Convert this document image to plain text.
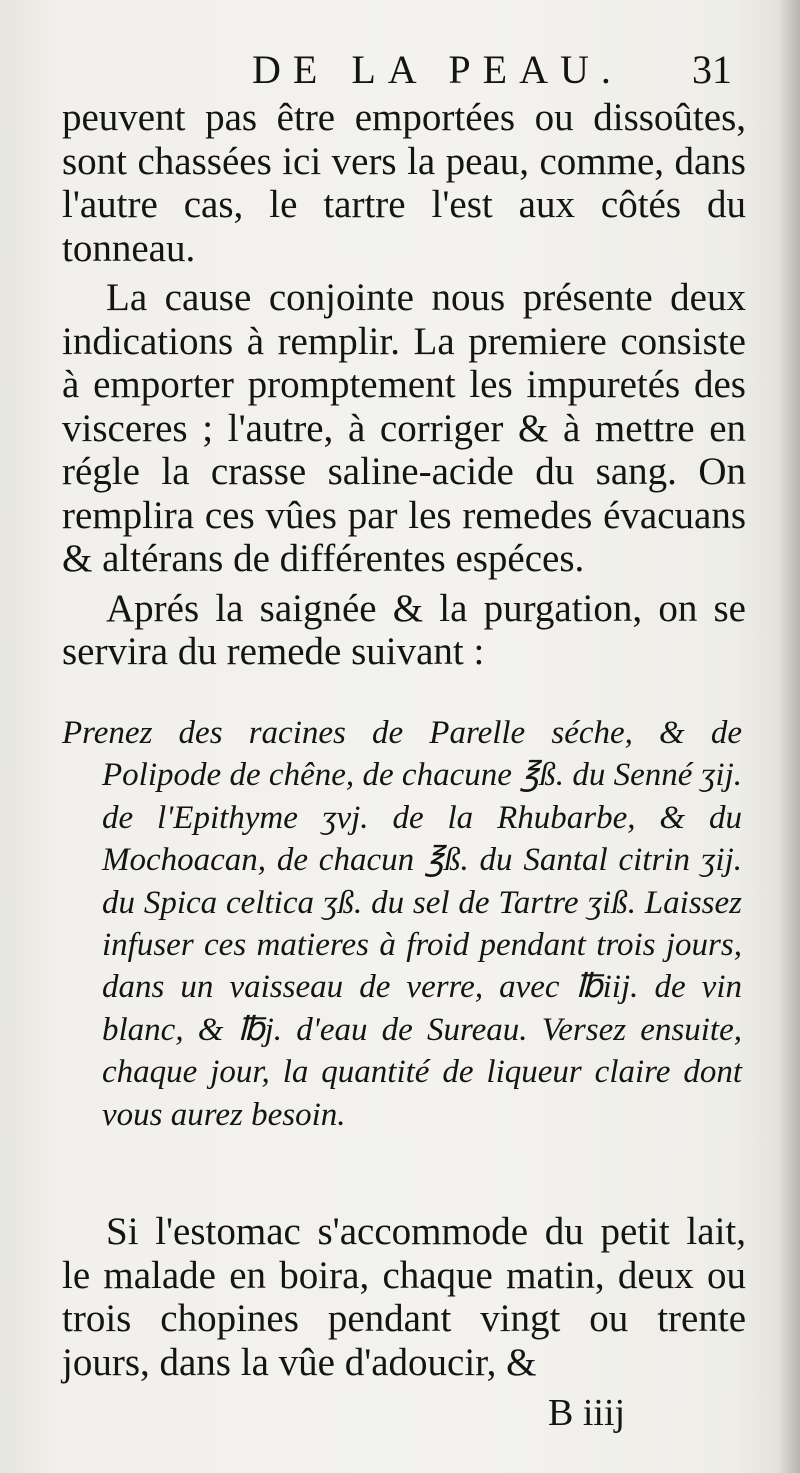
DE LA PEAU. 31

peuvent pas être emportées ou dissoûtes, sont chassées ici vers la peau, comme, dans l'autre cas, le tartre l'est aux côtés du tonneau.

La cause conjointe nous présente deux indications à remplir. La premiere consiste à emporter promptement les impuretés des visceres ; l'autre, à corriger & à mettre en régle la crasse saline-acide du sang. On remplira ces vûes par les remedes évacuans & altérans de différentes espéces.

Aprés la saignée & la purgation, on se servira du remede suivant :

Prenez des racines de Parelle séche, & de Polipode de chêne, de chacune ℥ß. du Senné ʒij. de l'Epithyme ʒvj. de la Rhubarbe, & du Mochoacan, de chacun ℥ß. du Santal citrin ʒij. du Spica celtica ʒß. du sel de Tartre ʒiß. Laissez infuser ces matieres à froid pendant trois jours, dans un vaisseau de verre, avec ℔iij. de vin blanc, & ℔j. d'eau de Sureau. Versez ensuite, chaque jour, la quantité de liqueur claire dont vous aurez besoin.

Si l'estomac s'accommode du petit lait, le malade en boira, chaque matin, deux ou trois chopines pendant vingt ou trente jours, dans la vûe d'adoucir, &

B iiij
